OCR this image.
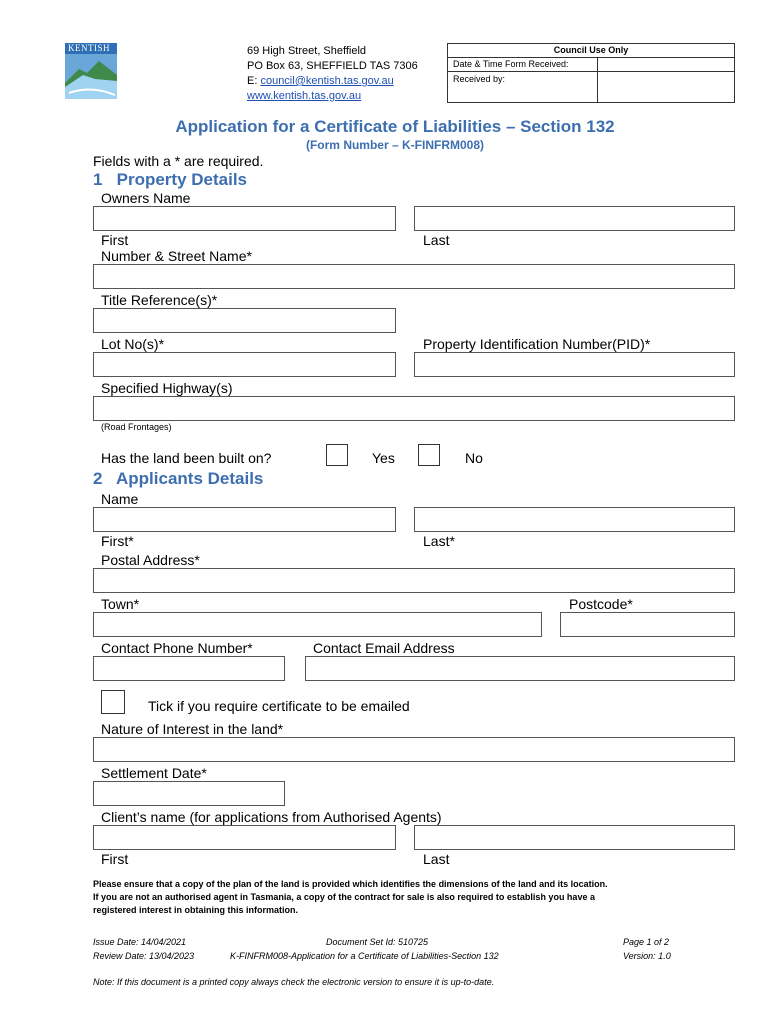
KENTISH	69 High Street, Sheffield
PO Box 63, SHEFFIELD TAS 7306
E: council@kentish.tas.gov.au
www.kentish.tas.gov.au
Council Use Only
Date & Time Form Received:
Received by:
Application for a Certificate of Liabilities – Section 132
(Form Number – K-FINFRM008)
Fields with a * are required.
1   Property Details
Owners Name
First	Last
Number & Street Name*
Title Reference(s)*
Lot No(s)*	Property Identification Number(PID)*
Specified Highway(s)
(Road Frontages)
Has the land been built on?	Yes	No
2   Applicants Details
Name
First*	Last*
Postal Address*
Town*	Postcode*
Contact Phone Number*	Contact Email Address
Tick if you require certificate to be emailed
Nature of Interest in the land*
Settlement Date*
Client’s name (for applications from Authorised Agents)
First	Last
Please ensure that a copy of the plan of the land is provided which identifies the dimensions of the land and its location.
If you are not an authorised agent in Tasmania, a copy of the contract for sale is also required to establish you have a
registered interest in obtaining this information.
Issue Date: 14/04/2021
Review Date: 13/04/2023
Document Set Id: 510725
K-FINFRM008-Application for a Certificate of Liabilities-Section 132
Page 1 of 2
Version: 1.0
Note: If this document is a printed copy always check the electronic version to ensure it is up-to-date.
